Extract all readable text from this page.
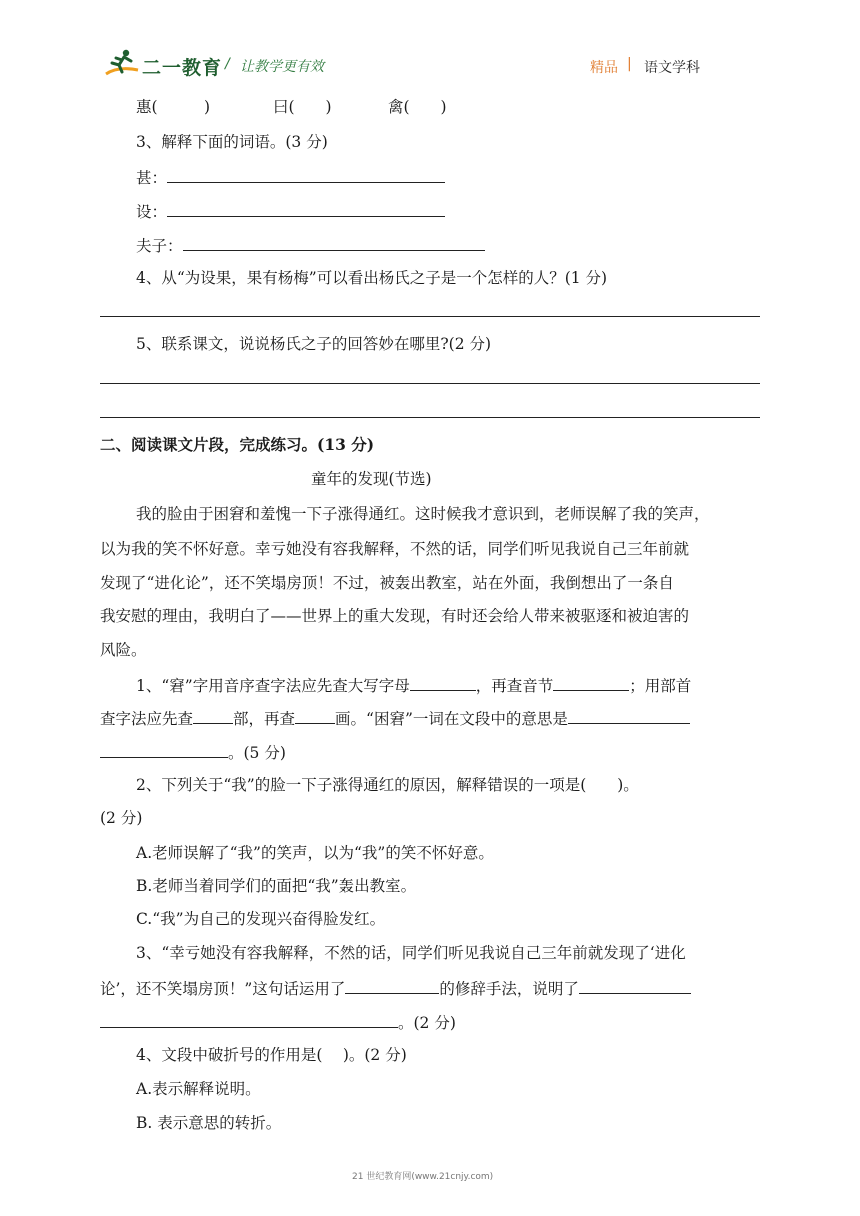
二一教育 / 让教学更有效	精品 | 语文学科
惠(　　　)	曰(　　)	禽(　　)
3、解释下面的词语。(3 分)
甚：
设：
夫子：
4、从“为设果，果有杨梅”可以看出杨氏之子是一个怎样的人？(1 分)
5、联系课文，说说杨氏之子的回答妙在哪里?(2 分)
二、阅读课文片段，完成练习。(13 分)
童年的发现(节选)
我的脸由于困窘和羞愧一下子涨得通红。这时候我才意识到，老师误解了我的笑声，
以为我的笑不怀好意。幸亏她没有容我解释，不然的话，同学们听见我说自己三年前就
发现了“进化论”，还不笑塌房顶！不过，被轰出教室，站在外面，我倒想出了一条自
我安慰的理由，我明白了——世界上的重大发现，有时还会给人带来被驱逐和被迫害的
风险。
1、“窘”字用音序查字法应先查大写字母	，再查音节	；用部首
查字法应先查	部，再查	画。“困窘”一词在文段中的意思是
。(5 分)
2、下列关于“我”的脸一下子涨得通红的原因，解释错误的一项是(　　)。
(2 分)
A.老师误解了“我”的笑声，以为“我”的笑不怀好意。
B.老师当着同学们的面把“我”轰出教室。
C.“我”为自己的发现兴奋得脸发红。
3、“幸亏她没有容我解释，不然的话，同学们听见我说自己三年前就发现了‘进化
论’，还不笑塌房顶！”这句话运用了	的修辞手法，说明了
。(2 分)
4、文段中破折号的作用是(　 )。(2 分)
A.表示解释说明。
B. 表示意思的转折。
21 世纪教育网(www.21cnjy.com)
